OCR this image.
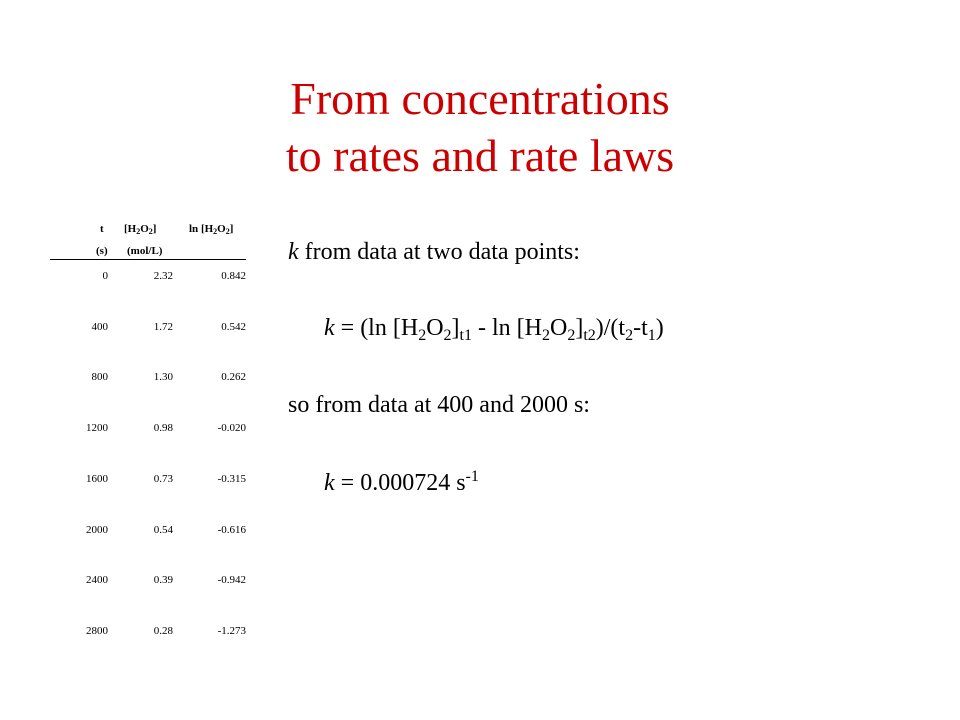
From concentrations
to rates and rate laws
t $[H_2O_2]$	$\ln [H_2O_2]$
(s) (mol/L)
0	2.32	0.842
400	1.72	0.542
800	1.30	0.262
1200	0.98	-0.020
1600	0.73	-0.315
2000	0.54	-0.616
2400	0.39	-0.942
2800	0.28	-1.273
k from data at two data points:
k = (ln $[H_2O_2]_{t1}$ - $\ln [H_2O_2]_{t2})/(t_2-t_1)$
so from data at 400 and 2000 s:
k = 0.000724 $s^{-1}$
